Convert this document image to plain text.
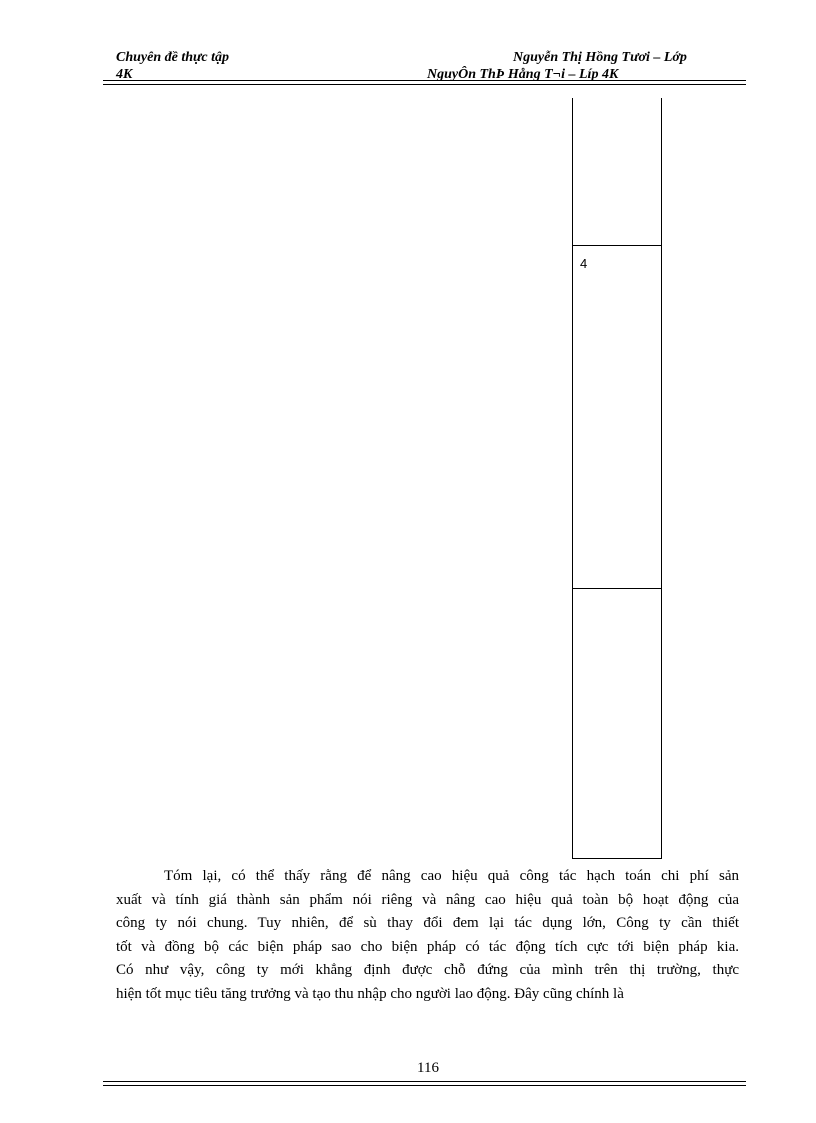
Chuyên đề thực tập	Nguyễn Thị Hồng Tươi – Lớp
4K	NguyÔn ThÞ Hång T¬i – Líp 4K
4
Tóm lại, có thể thấy rằng để nâng cao hiệu quả công tác hạch toán chi phí sản
xuất và tính giá thành sản phẩm nói riêng và nâng cao hiệu quả toàn bộ hoạt động của
công ty nói chung. Tuy nhiên, để sù thay đổi đem lại tác dụng lớn, Công ty cần thiết
tốt và đồng bộ các biện pháp sao cho biện pháp có tác động tích cực tới biện pháp kia.
Có như vậy, công ty mới khẳng định được chỗ đứng của mình trên thị trường, thực
hiện tốt mục tiêu tăng trưởng và tạo thu nhập cho người lao động. Đây cũng chính là
116
